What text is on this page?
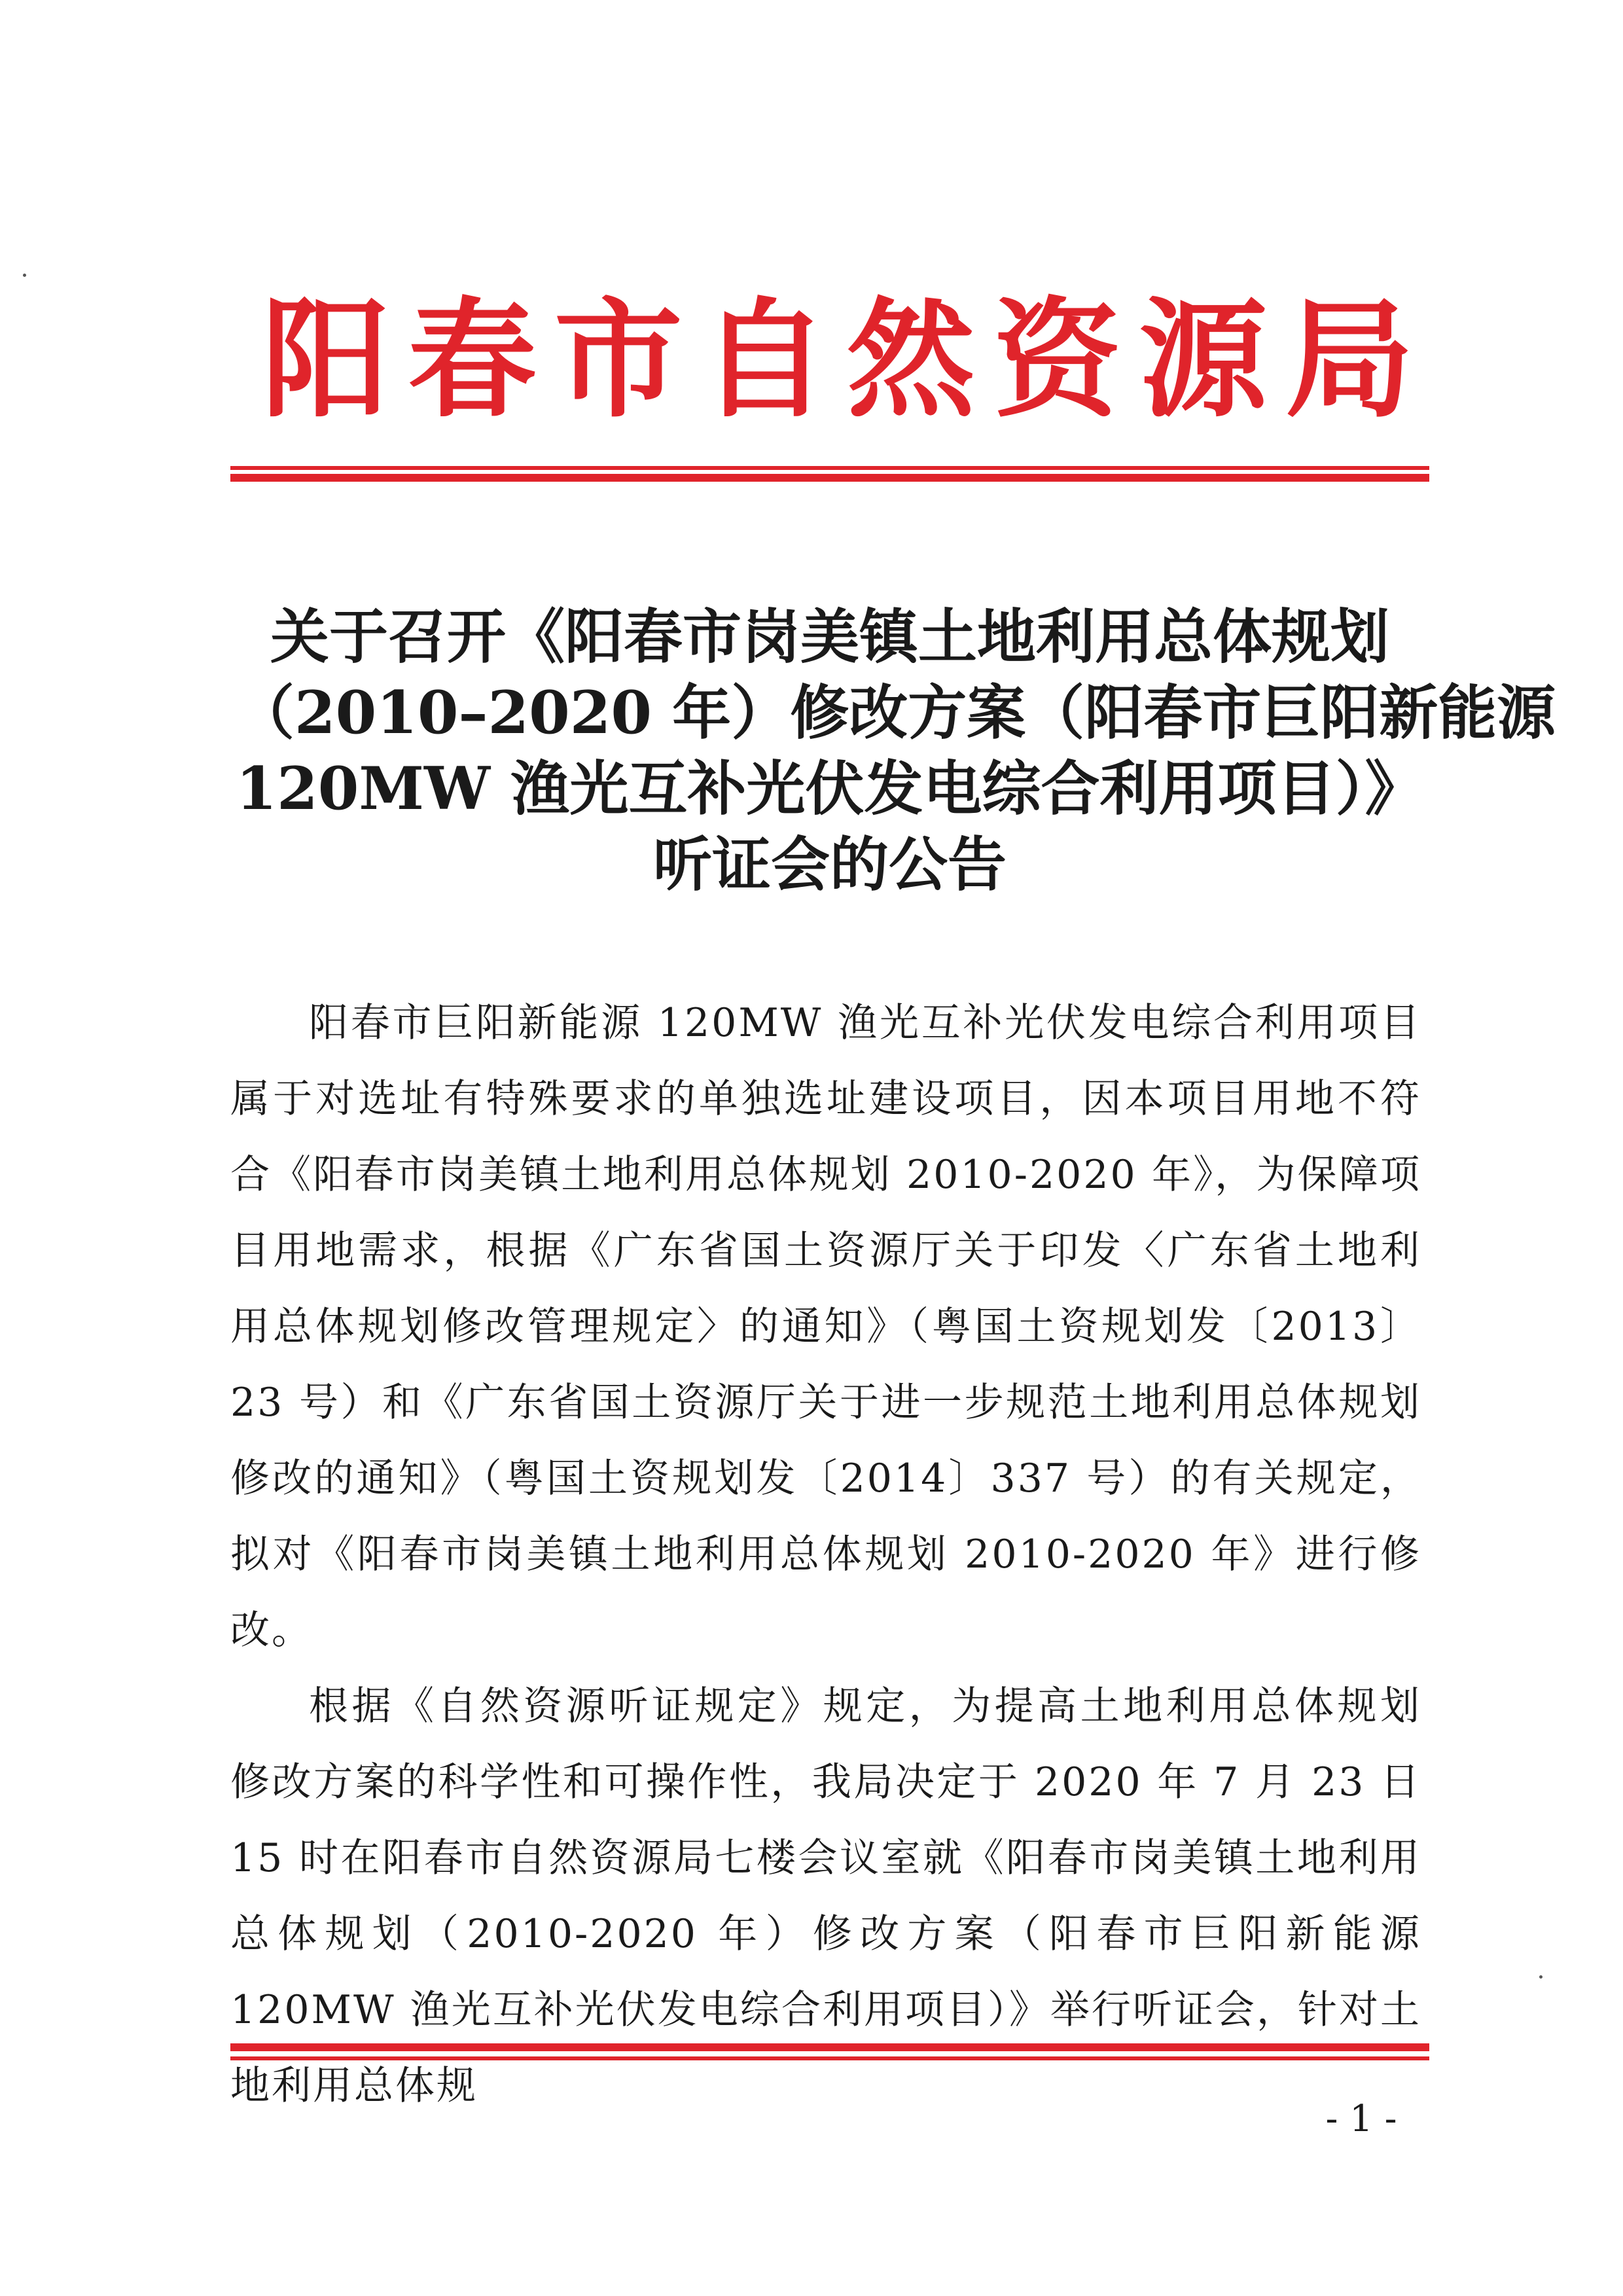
阳 春 市 自 然 资 源 局
关于召开《阳春市岗美镇土地利用总体规划
（2010–2020 年）修改方案（阳春市巨阳新能源
120MW 渔光互补光伏发电综合利用项目）》
听证会的公告

阳春市巨阳新能源 120MW 渔光互补光伏发电综合利用项目属于对选址有特殊要求的单独选址建设项目，因本项目用地不符合《阳春市岗美镇土地利用总体规划 2010-2020 年》，为保障项目用地需求，根据《广东省国土资源厅关于印发〈广东省土地利用总体规划修改管理规定〉的通知》（粤国土资规划发〔2013〕23 号）和《广东省国土资源厅关于进一步规范土地利用总体规划修改的通知》（粤国土资规划发〔2014〕337 号）的有关规定，拟对《阳春市岗美镇土地利用总体规划 2010-2020 年》进行修改。

根据《自然资源听证规定》规定，为提高土地利用总体规划修改方案的科学性和可操作性，我局决定于 2020 年 7 月 23 日 15 时在阳春市自然资源局七楼会议室就《阳春市岗美镇土地利用总体规划（2010-2020 年）修改方案（阳春市巨阳新能源 120MW 渔光互补光伏发电综合利用项目）》举行听证会，针对土地利用总体规

- 1 -
